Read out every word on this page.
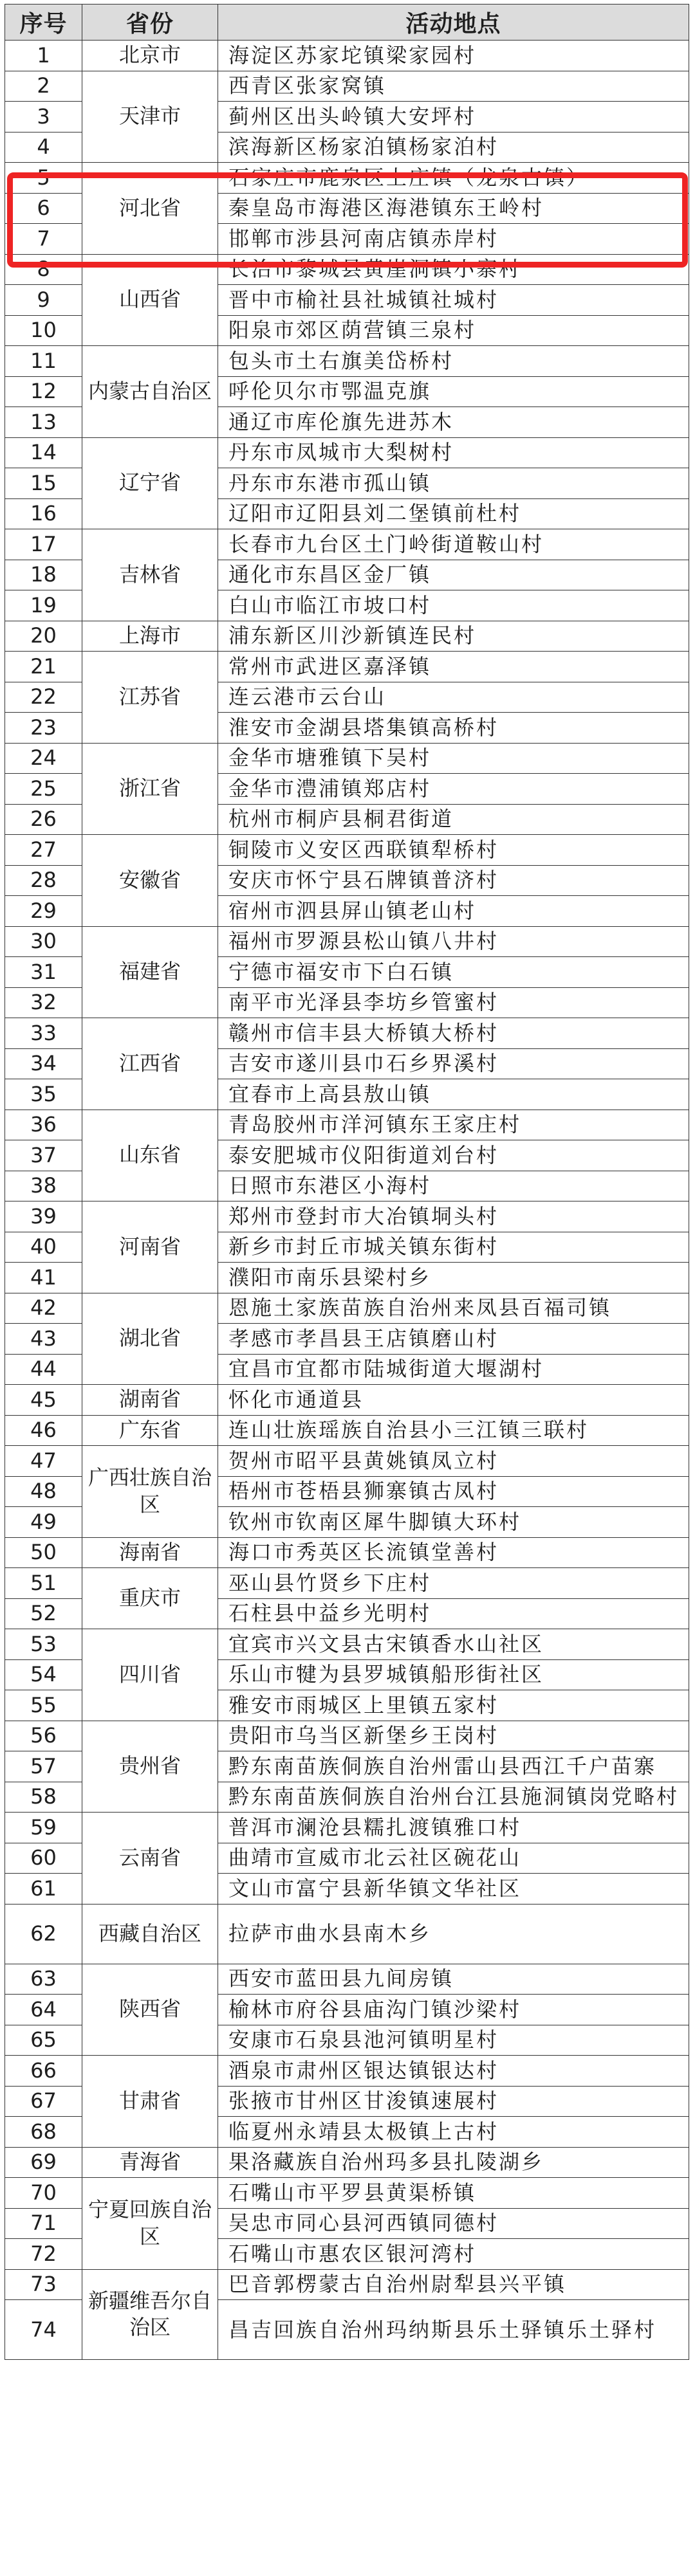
序号	省份	活动地点
1	北京市	海淀区苏家坨镇梁家园村
2	天津市	西青区张家窝镇
3		蓟州区出头岭镇大安坪村
4		滨海新区杨家泊镇杨家泊村
5	河北省	石家庄市鹿泉区上庄镇（龙泉古镇）
6		秦皇岛市海港区海港镇东王岭村
7		邯郸市涉县河南店镇赤岸村
8	山西省	长治市黎城县黄崖洞镇小寨村
9		晋中市榆社县社城镇社城村
10		阳泉市郊区荫营镇三泉村
11	内蒙古自治区	包头市土右旗美岱桥村
12		呼伦贝尔市鄂温克旗
13		通辽市库伦旗先进苏木
14	辽宁省	丹东市凤城市大梨树村
15		丹东市东港市孤山镇
16		辽阳市辽阳县刘二堡镇前杜村
17	吉林省	长春市九台区土门岭街道鞍山村
18		通化市东昌区金厂镇
19		白山市临江市坡口村
20	上海市	浦东新区川沙新镇连民村
21	江苏省	常州市武进区嘉泽镇
22		连云港市云台山
23		淮安市金湖县塔集镇高桥村
24	浙江省	金华市塘雅镇下吴村
25		金华市澧浦镇郑店村
26		杭州市桐庐县桐君街道
27	安徽省	铜陵市义安区西联镇犁桥村
28		安庆市怀宁县石牌镇普济村
29		宿州市泗县屏山镇老山村
30	福建省	福州市罗源县松山镇八井村
31		宁德市福安市下白石镇
32		南平市光泽县李坊乡管蜜村
33	江西省	赣州市信丰县大桥镇大桥村
34		吉安市遂川县巾石乡界溪村
35		宜春市上高县敖山镇
36	山东省	青岛胶州市洋河镇东王家庄村
37		泰安肥城市仪阳街道刘台村
38		日照市东港区小海村
39	河南省	郑州市登封市大冶镇垌头村
40		新乡市封丘市城关镇东街村
41		濮阳市南乐县梁村乡
42	湖北省	恩施土家族苗族自治州来凤县百福司镇
43		孝感市孝昌县王店镇磨山村
44		宜昌市宜都市陆城街道大堰湖村
45	湖南省	怀化市通道县
46	广东省	连山壮族瑶族自治县小三江镇三联村
47	广西壮族自治区	贺州市昭平县黄姚镇凤立村
48		梧州市苍梧县狮寨镇古凤村
49		钦州市钦南区犀牛脚镇大环村
50	海南省	海口市秀英区长流镇堂善村
51	重庆市	巫山县竹贤乡下庄村
52		石柱县中益乡光明村
53	四川省	宜宾市兴文县古宋镇香水山社区
54		乐山市犍为县罗城镇船形街社区
55		雅安市雨城区上里镇五家村
56	贵州省	贵阳市乌当区新堡乡王岗村
57		黔东南苗族侗族自治州雷山县西江千户苗寨
58		黔东南苗族侗族自治州台江县施洞镇岗党略村
59	云南省	普洱市澜沧县糯扎渡镇雅口村
60		曲靖市宣威市北云社区碗花山
61		文山市富宁县新华镇文华社区
62	西藏自治区	拉萨市曲水县南木乡
63	陕西省	西安市蓝田县九间房镇
64		榆林市府谷县庙沟门镇沙梁村
65		安康市石泉县池河镇明星村
66	甘肃省	酒泉市肃州区银达镇银达村
67		张掖市甘州区甘浚镇速展村
68		临夏州永靖县太极镇上古村
69	青海省	果洛藏族自治州玛多县扎陵湖乡
70	宁夏回族自治区	石嘴山市平罗县黄渠桥镇
71		吴忠市同心县河西镇同德村
72		石嘴山市惠农区银河湾村
73	新疆维吾尔自治区	巴音郭楞蒙古自治州尉犁县兴平镇
74		昌吉回族自治州玛纳斯县乐土驿镇乐土驿村
